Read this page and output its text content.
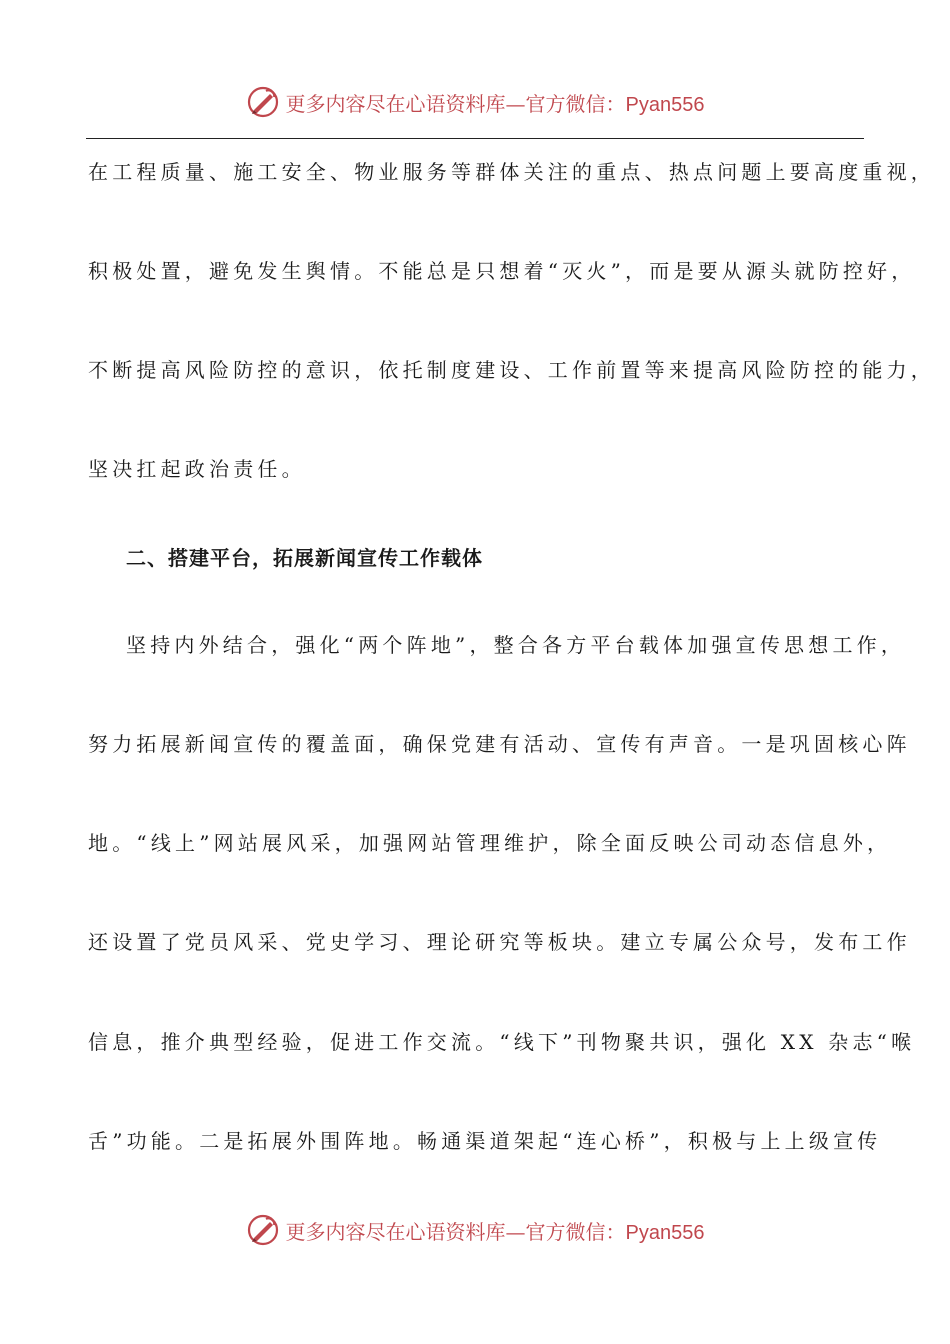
更多内容尽在心语资料库—官方微信：Pyan556
在工程质量、施工安全、物业服务等群体关注的重点、热点问题上要高度重视，
积极处置，避免发生舆情。不能总是只想着“灭火”，而是要从源头就防控好，
不断提高风险防控的意识，依托制度建设、工作前置等来提高风险防控的能力，
坚决扛起政治责任。
二、搭建平台，拓展新闻宣传工作载体
坚持内外结合，强化“两个阵地”，整合各方平台载体加强宣传思想工作，
努力拓展新闻宣传的覆盖面，确保党建有活动、宣传有声音。一是巩固核心阵
地。“线上”网站展风采，加强网站管理维护，除全面反映公司动态信息外，
还设置了党员风采、党史学习、理论研究等板块。建立专属公众号，发布工作
信息，推介典型经验，促进工作交流。“线下”刊物聚共识，强化 XX 杂志“喉
舌”功能。二是拓展外围阵地。畅通渠道架起“连心桥”，积极与上上级宣传
更多内容尽在心语资料库—官方微信：Pyan556
